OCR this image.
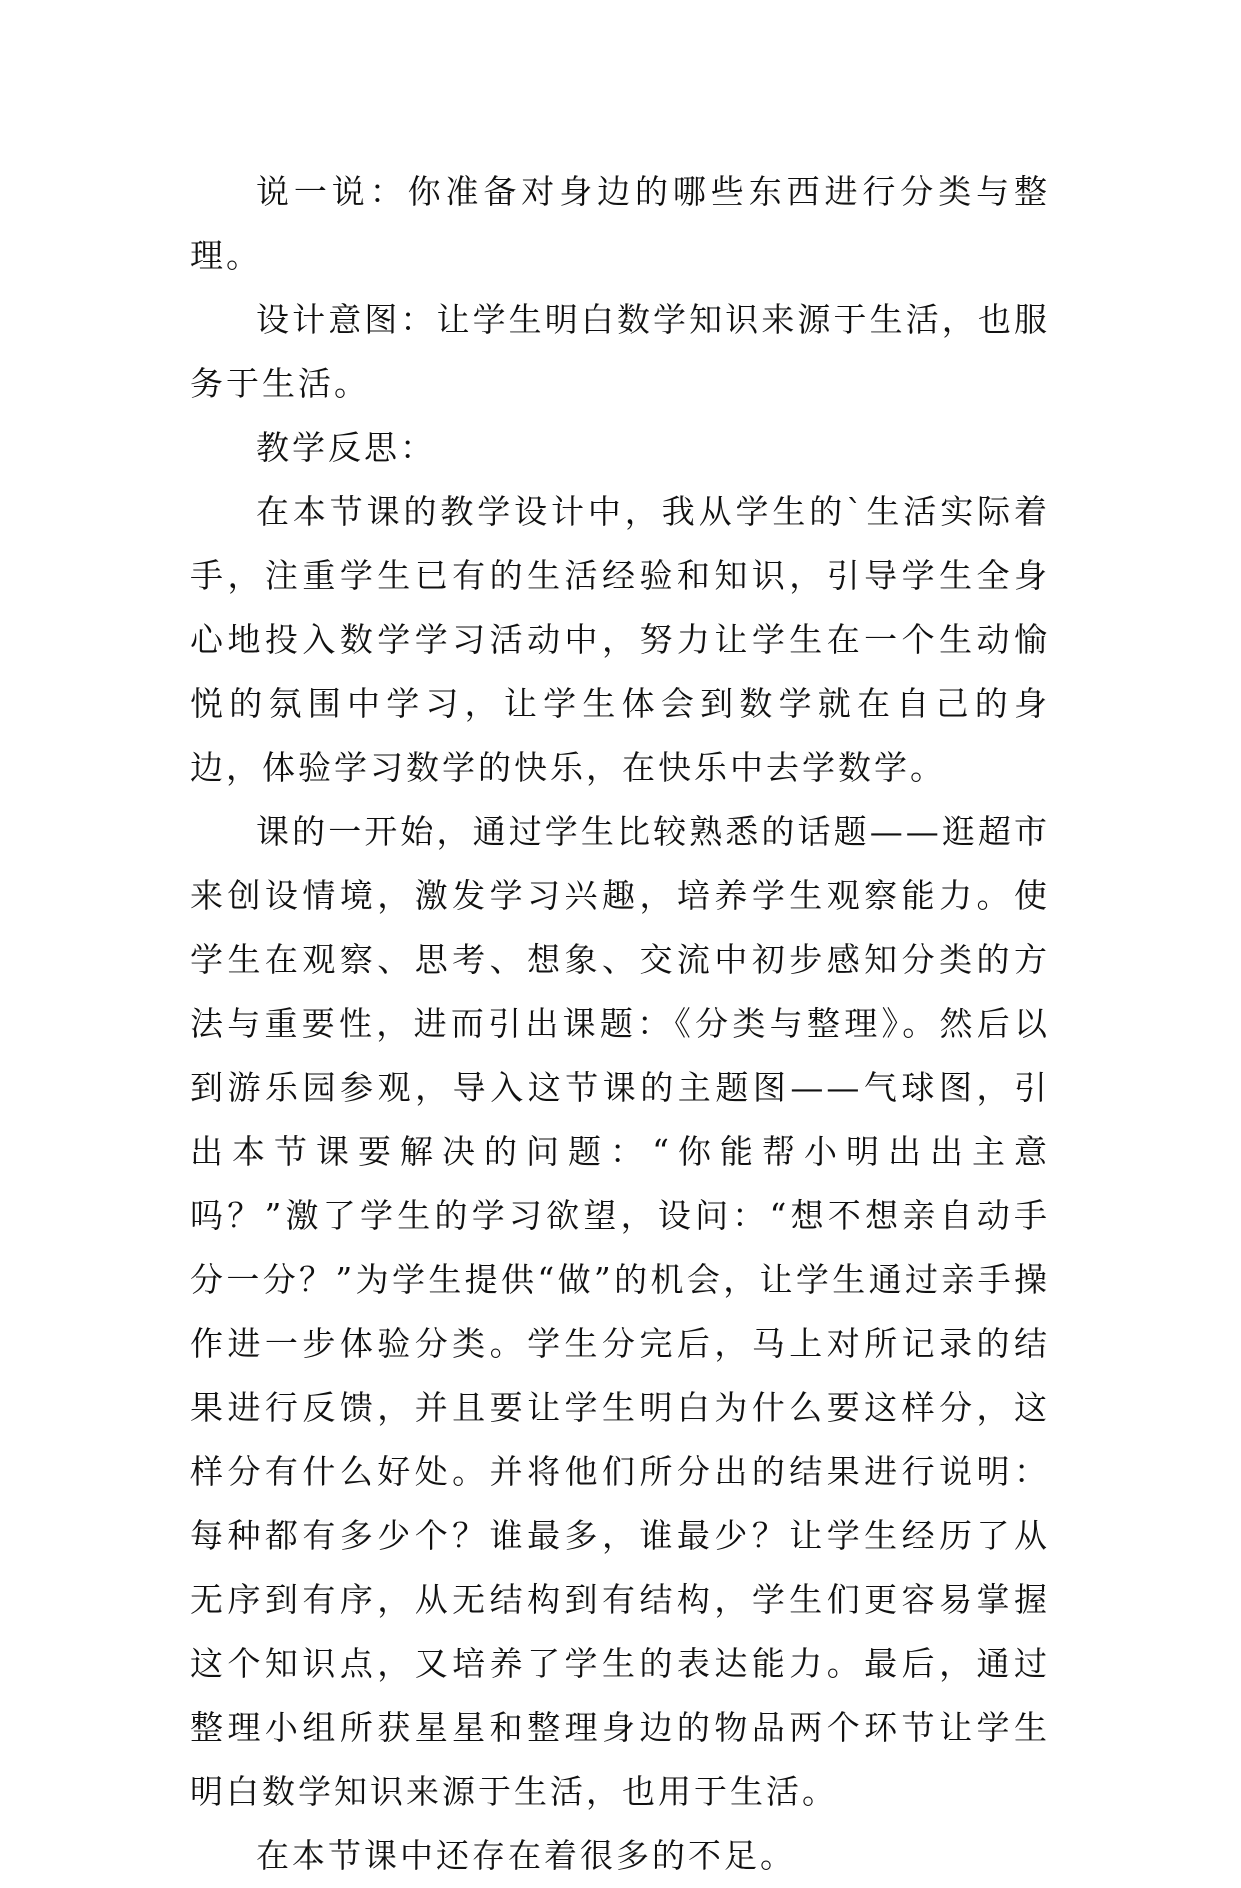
说一说：你准备对身边的哪些东西进行分类与整理。

设计意图：让学生明白数学知识来源于生活，也服务于生活。

教学反思：

在本节课的教学设计中，我从学生的`生活实际着手，注重学生已有的生活经验和知识，引导学生全身心地投入数学学习活动中，努力让学生在一个生动愉悦的氛围中学习，让学生体会到数学就在自己的身边，体验学习数学的快乐，在快乐中去学数学。

课的一开始，通过学生比较熟悉的话题——逛超市来创设情境，激发学习兴趣，培养学生观察能力。使学生在观察、思考、想象、交流中初步感知分类的方法与重要性，进而引出课题：《分类与整理》。然后以到游乐园参观，导入这节课的主题图——气球图，引出本节课要解决的问题：“你能帮小明出出主意吗？”激了学生的学习欲望，设问：“想不想亲自动手分一分？”为学生提供“做”的机会，让学生通过亲手操作进一步体验分类。学生分完后，马上对所记录的结果进行反馈，并且要让学生明白为什么要这样分，这样分有什么好处。并将他们所分出的结果进行说明：每种都有多少个？谁最多，谁最少？让学生经历了从无序到有序，从无结构到有结构，学生们更容易掌握这个知识点，又培养了学生的表达能力。最后，通过整理小组所获星星和整理身边的物品两个环节让学生明白数学知识来源于生活，也用于生活。

在本节课中还存在着很多的不足。
